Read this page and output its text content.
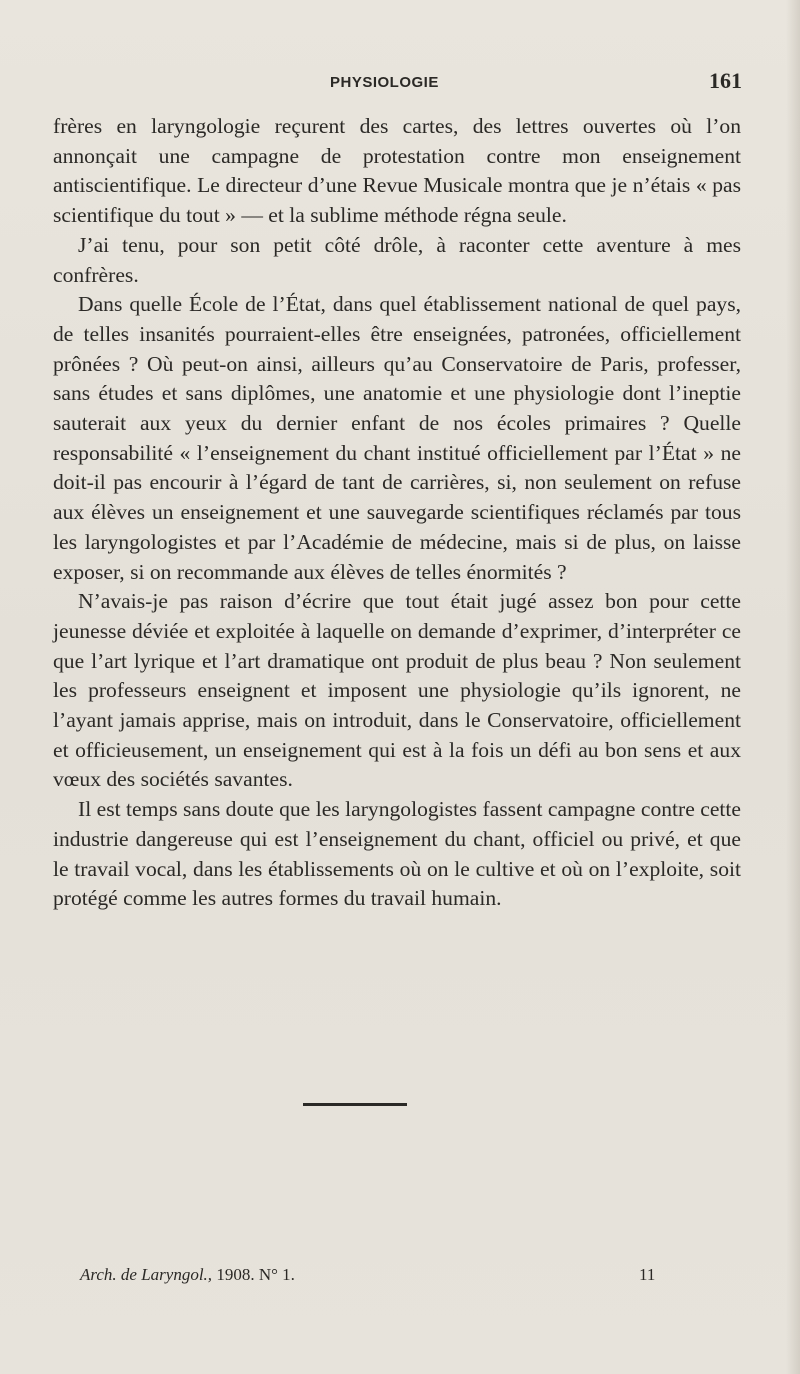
PHYSIOLOGIE	161

frères en laryngologie reçurent des cartes, des lettres ouvertes où l’on annonçait une campagne de protestation contre mon enseignement antiscientifique. Le directeur d’une Revue Musicale montra que je n’étais « pas scientifique du tout » — et la sublime méthode régna seule.

J’ai tenu, pour son petit côté drôle, à raconter cette aventure à mes confrères.

Dans quelle École de l’État, dans quel établissement national de quel pays, de telles insanités pourraient-elles être enseignées, patronées, officiellement prônées ? Où peut-on ainsi, ailleurs qu’au Conservatoire de Paris, professer, sans études et sans diplômes, une anatomie et une physiologie dont l’ineptie sauterait aux yeux du dernier enfant de nos écoles primaires ? Quelle responsabilité « l’enseignement du chant institué officiellement par l’État » ne doit-il pas encourir à l’égard de tant de carrières, si, non seulement on refuse aux élèves un enseignement et une sauvegarde scientifiques réclamés par tous les laryngologistes et par l’Académie de médecine, mais si de plus, on laisse exposer, si on recommande aux élèves de telles énormités ?

N’avais-je pas raison d’écrire que tout était jugé assez bon pour cette jeunesse déviée et exploitée à laquelle on demande d’exprimer, d’interpréter ce que l’art lyrique et l’art dramatique ont produit de plus beau ? Non seulement les professeurs enseignent et imposent une physiologie qu’ils ignorent, ne l’ayant jamais apprise, mais on introduit, dans le Conservatoire, officiellement et officieusement, un enseignement qui est à la fois un défi au bon sens et aux vœux des sociétés savantes.

Il est temps sans doute que les laryngologistes fassent campagne contre cette industrie dangereuse qui est l’enseignement du chant, officiel ou privé, et que le travail vocal, dans les établissements où on le cultive et où on l’exploite, soit protégé comme les autres formes du travail humain.

Arch. de Laryngol., 1908. N° 1.	11
